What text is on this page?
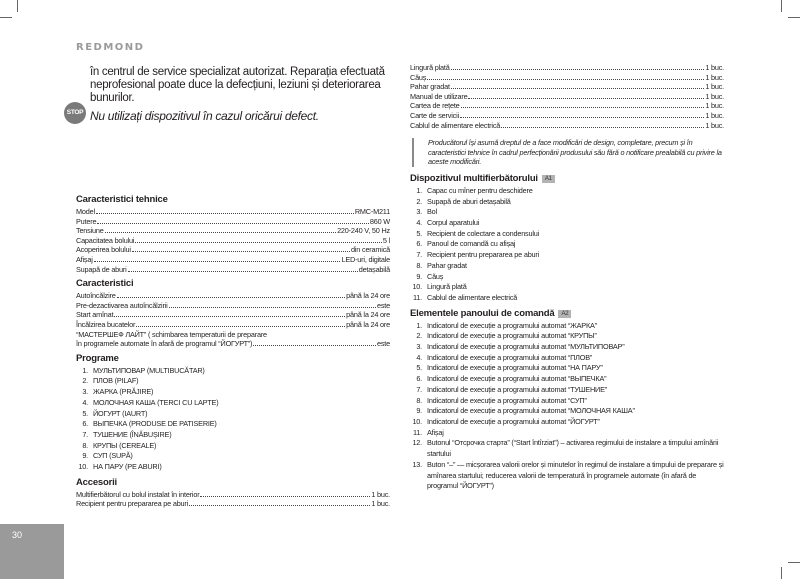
REDMOND

în centrul de service specializat autorizat. Reparația efectuată neprofesional poate duce la defecțiuni, leziuni și deteriorarea bunurilor.

STOP Nu utilizați dispozitivul în cazul oricărui defect.

Caracteristici tehnice
Model	RMC-M211
Putere	860 W
Tensiune	220-240 V, 50 Hz
Capacitatea bolului	5 l
Acoperirea bolului	din ceramică
Afișaj	LED-uri, digitale
Supapă de aburi	detașabilă
Caracteristici
Autoîncălzire	până la 24 ore
Pre-dezactivarea autoîncălzirii	este
Start amînat	până la 24 ore
Încălzirea bucatelor	până la 24 ore
“МАСТЕРШЕФ ЛАЙТ” ( schimbarea temperaturii de preparare
în programele automate în afară de programul “ЙОГУРТ”)	este
Programe
1. МУЛЬТИПОВАР (MULTIBUCĂTAR)
2. ПЛОВ (PILAF)
3. ЖАРКА (PRĂJIRE)
4. МОЛОЧНАЯ КАША (TERCI CU LAPTE)
5. ЙОГУРТ (IAURT)
6. ВЫПЕЧКА (PRODUSE DE PATISERIE)
7. ТУШЕНИЕ (ÎNĂBUȘIRE)
8. КРУПЫ (CEREALE)
9. СУП (SUPĂ)
10. НА ПАРУ (PE ABURI)
Accesorii
Multifierbătorul cu bolul instalat în interior	1 buc.
Recipient pentru prepararea pe aburi	1 buc.
Lingură plată	1 buc.
Căuș	1 buc.
Pahar gradat	1 buc.
Manual de utilizare	1 buc.
Cartea de rețete	1 buc.
Carte de servicii	1 buc.
Cablul de alimentare electrică	1 buc.
Producătorul își asumă dreptul de a face modificări de design, completare, precum și în caracteristici tehnice în cadrul perfecționării produsului său fără o notificare prealabilă cu privire la aceste modificări.
Dispozitivul multifierbătorului A1
1. Capac cu mîner pentru deschidere
2. Supapă de aburi detașabilă
3. Bol
4. Corpul aparatului
5. Recipient de colectare a condensului
6. Panoul de comandă cu afișaj
7. Recipient pentru prepararea pe aburi
8. Pahar gradat
9. Căuș
10. Lingură plată
11. Cablul de alimentare electrică
Elementele panoului de comandă A2
1. Indicatorul de execuție a programului automat “ЖАРКА”
2. Indicatorul de execuție a programului automat “КРУПЫ”
3. Indicatorul de execuție a programului automat “МУЛЬТИПОВАР”
4. Indicatorul de execuție a programului automat “ПЛОВ”
5. Indicatorul de execuție a programului automat “НА ПАРУ”
6. Indicatorul de execuție a programului automat “ВЫПЕЧКА”
7. Indicatorul de execuție a programului automat “ТУШЕНИЕ”
8. Indicatorul de execuție a programului automat “СУП”
9. Indicatorul de execuție a programului automat “МОЛОЧНАЯ КАША”
10. Indicatorul de execuție a programului automat “ЙОГУРТ”
11. Afișaj
12. Butonul “Отсрочка старта” (“Start întîrziat”) – activarea regimului de instalare a timpului amînării startului
13. Buton “–” — micșorarea valorii orelor și minutelor în regimul de instalare a timpului de preparare și amînarea startului; reducerea valorii de temperatură în programele automate (în afară de programul “ЙОГУРТ”)
30
